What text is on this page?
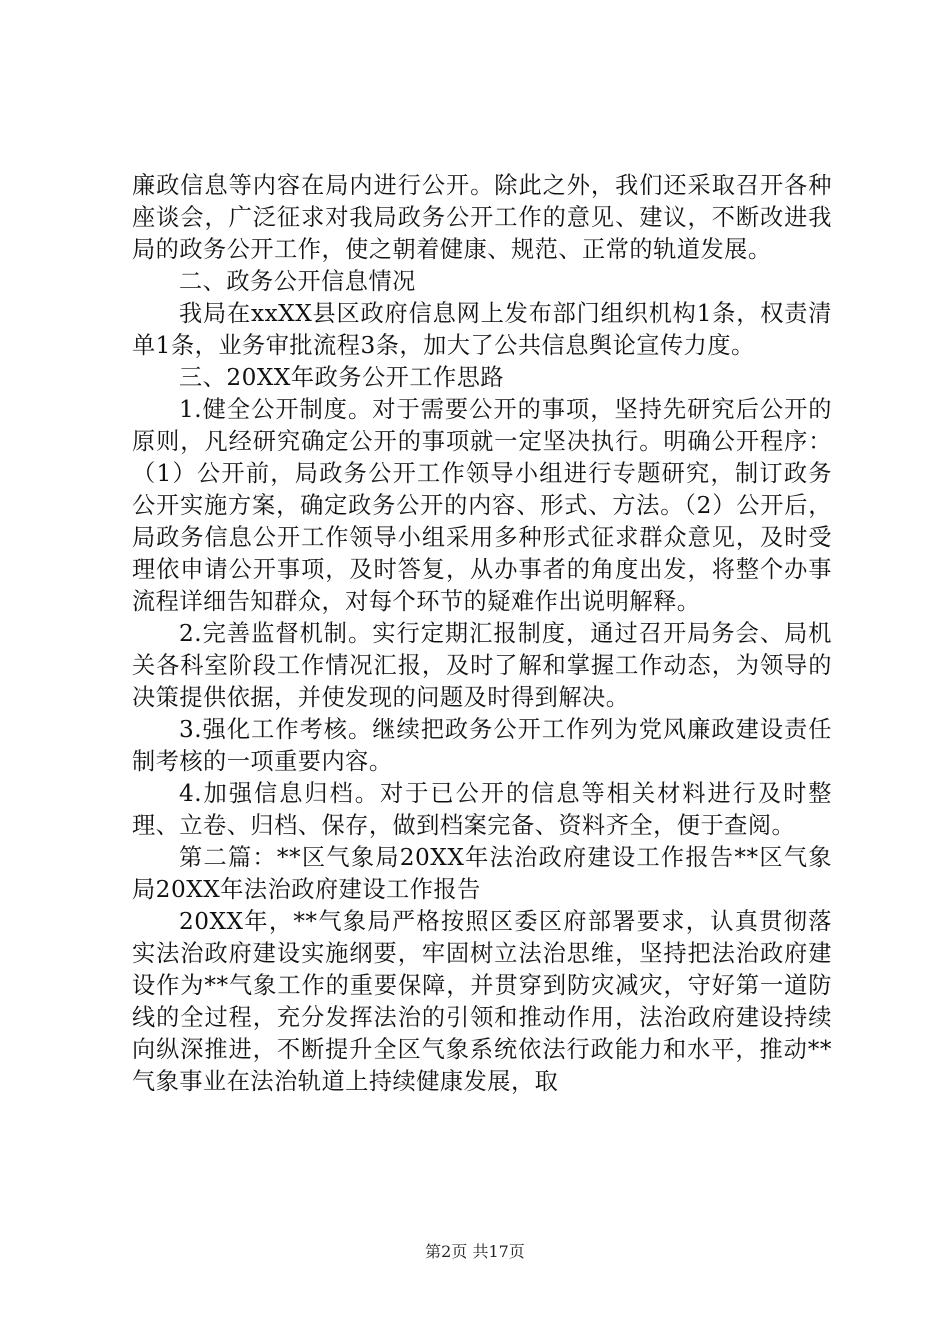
廉政信息等内容在局内进行公开。除此之外，我们还采取召开各种座谈会，广泛征求对我局政务公开工作的意见、建议，不断改进我局的政务公开工作，使之朝着健康、规范、正常的轨道发展。

二、政务公开信息情况

我局在xxXX县区政府信息网上发布部门组织机构1条，权责清单1条，业务审批流程3条，加大了公共信息舆论宣传力度。

三、20XX年政务公开工作思路

1.健全公开制度。对于需要公开的事项，坚持先研究后公开的原则，凡经研究确定公开的事项就一定坚决执行。明确公开程序：（1）公开前，局政务公开工作领导小组进行专题研究，制订政务公开实施方案，确定政务公开的内容、形式、方法。（2）公开后，局政务信息公开工作领导小组采用多种形式征求群众意见，及时受理依申请公开事项，及时答复，从办事者的角度出发，将整个办事流程详细告知群众，对每个环节的疑难作出说明解释。

2.完善监督机制。实行定期汇报制度，通过召开局务会、局机关各科室阶段工作情况汇报，及时了解和掌握工作动态，为领导的决策提供依据，并使发现的问题及时得到解决。

3.强化工作考核。继续把政务公开工作列为党风廉政建设责任制考核的一项重要内容。

4.加强信息归档。对于已公开的信息等相关材料进行及时整理、立卷、归档、保存，做到档案完备、资料齐全，便于查阅。

第二篇：**区气象局20XX年法治政府建设工作报告**区气象局20XX年法治政府建设工作报告

20XX年，**气象局严格按照区委区府部署要求，认真贯彻落实法治政府建设实施纲要，牢固树立法治思维，坚持把法治政府建设作为**气象工作的重要保障，并贯穿到防灾减灾，守好第一道防线的全过程，充分发挥法治的引领和推动作用，法治政府建设持续向纵深推进，不断提升全区气象系统依法行政能力和水平，推动**气象事业在法治轨道上持续健康发展，取

第2页 共17页
